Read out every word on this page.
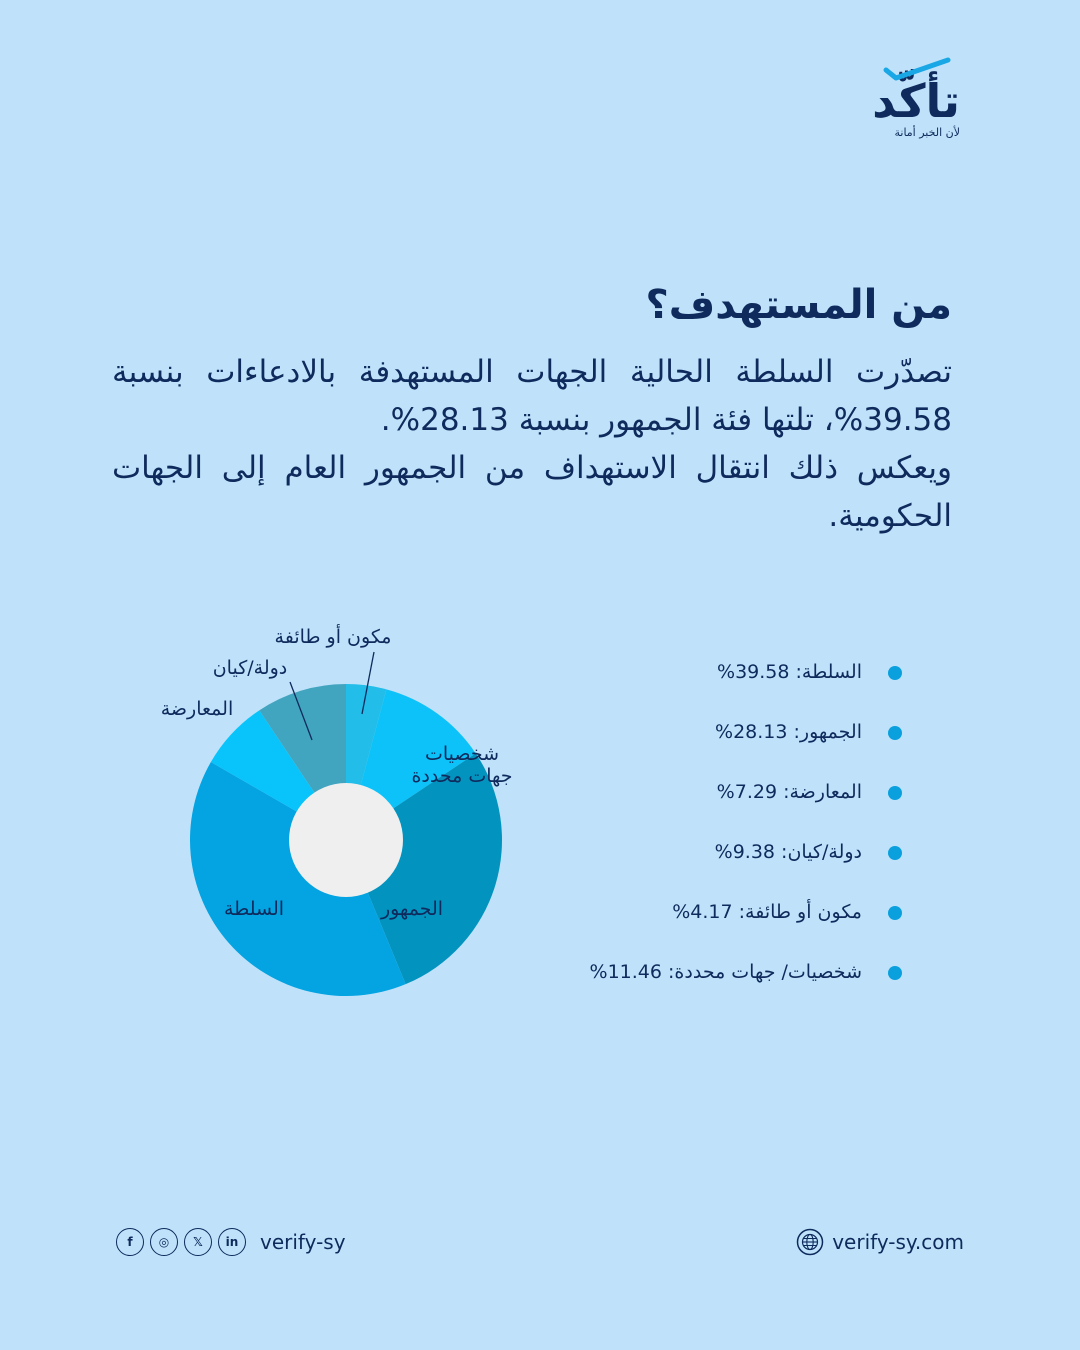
تأكّد
لأن الخبر أمانة
من المستهدف؟

تصدّرت السلطة الحالية الجهات المستهدفة بالادعاءات بنسبة 39.58%، تلتها فئة الجمهور بنسبة 28.13%.

ويعكس ذلك انتقال الاستهداف من الجمهور العام إلى الجهات الحكومية.

مكون أو طائفة
شخصيات جهات محددة
الجمهور
السلطة
المعارضة
دولة/كيان	السلطة: 39.58%
الجمهور: 28.13%
المعارضة: 7.29%
دولة/كيان: 9.38%
مكون أو طائفة: 4.17%
شخصيات/ جهات محددة: 11.46%
f	◎	𝕏	in	verify-sy	verify-sy.com
